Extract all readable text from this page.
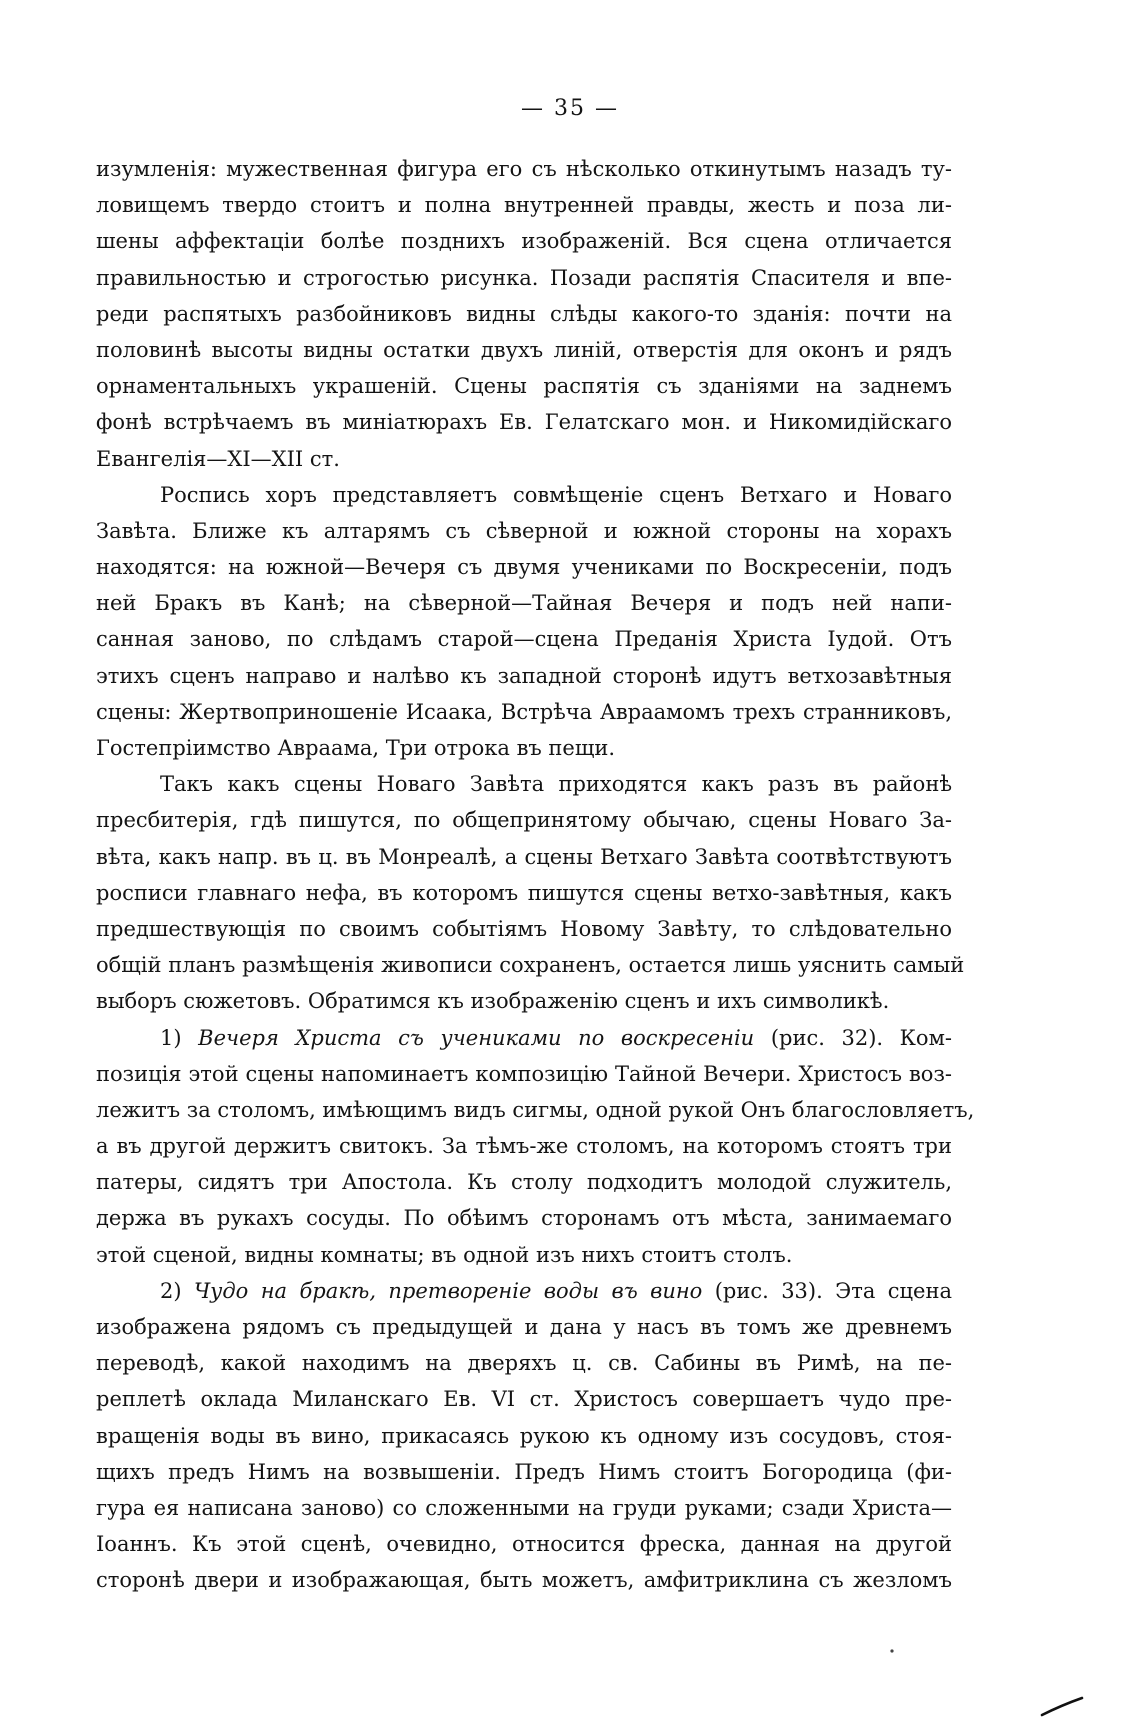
— 35 —
изумленія: мужественная фигура его съ нѣсколько откинутымъ назадъ ту-
ловищемъ твердо стоитъ и полна внутренней правды, жесть и поза ли-
шены аффектаціи болѣе позднихъ изображеній. Вся сцена отличается
правильностью и строгостью рисунка. Позади распятія Спасителя и впе-
реди распятыхъ разбойниковъ видны слѣды какого-то зданія: почти на
половинѣ высоты видны остатки двухъ линій, отверстія для оконъ и рядъ
орнаментальныхъ украшеній. Сцены распятія съ зданіями на заднемъ
фонѣ встрѣчаемъ въ миніатюрахъ Ев. Гелатскаго мон. и Никомидійскаго
Евангелія—XI—XII ст.
Роспись хоръ представляетъ совмѣщеніе сценъ Ветхаго и Новаго
Завѣта. Ближе къ алтарямъ съ сѣверной и южной стороны на хорахъ
находятся: на южной—Вечеря съ двумя учениками по Воскресеніи, подъ
ней Бракъ въ Канѣ; на сѣверной—Тайная Вечеря и подъ ней напи-
санная заново, по слѣдамъ старой—сцена Преданія Христа Іудой. Отъ
этихъ сценъ направо и налѣво къ западной сторонѣ идутъ ветхозавѣтныя
сцены: Жертвоприношеніе Исаака, Встрѣча Авраамомъ трехъ странниковъ,
Гостепріимство Авраама, Три отрока въ пещи.
Такъ какъ сцены Новаго Завѣта приходятся какъ разъ въ районѣ
пресбитерія, гдѣ пишутся, по общепринятому обычаю, сцены Новаго За-
вѣта, какъ напр. въ ц. въ Монреалѣ, а сцены Ветхаго Завѣта соотвѣтствуютъ
росписи главнаго нефа, въ которомъ пишутся сцены ветхо-завѣтныя, какъ
предшествующія по своимъ событіямъ Новому Завѣту, то слѣдовательно
общій планъ размѣщенія живописи сохраненъ, остается лишь уяснить самый
выборъ сюжетовъ. Обратимся къ изображенію сценъ и ихъ символикѣ.
1) Вечеря Христа съ учениками по воскресеніи (рис. 32). Ком-
позиція этой сцены напоминаетъ композицію Тайной Вечери. Христосъ воз-
лежитъ за столомъ, имѣющимъ видъ сигмы, одной рукой Онъ благословляетъ,
а въ другой держитъ свитокъ. За тѣмъ-же столомъ, на которомъ стоятъ три
патеры, сидятъ три Апостола. Къ столу подходитъ молодой служитель,
держа въ рукахъ сосуды. По обѣимъ сторонамъ отъ мѣста, занимаемаго
этой сценой, видны комнаты; въ одной изъ нихъ стоитъ столъ.
2) Чудо на бракѣ, претвореніе воды въ вино (рис. 33). Эта сцена
изображена рядомъ съ предыдущей и дана у насъ въ томъ же древнемъ
переводѣ, какой находимъ на дверяхъ ц. св. Сабины въ Римѣ, на пе-
реплетѣ оклада Миланскаго Ев. VI ст. Христосъ совершаетъ чудо пре-
вращенія воды въ вино, прикасаясь рукою къ одному изъ сосудовъ, стоя-
щихъ предъ Нимъ на возвышеніи. Предъ Нимъ стоитъ Богородица (фи-
гура ея написана заново) со сложенными на груди руками; сзади Христа—
Іоаннъ. Къ этой сценѣ, очевидно, относится фреска, данная на другой
сторонѣ двери и изображающая, быть можетъ, амфитриклина съ жезломъ
